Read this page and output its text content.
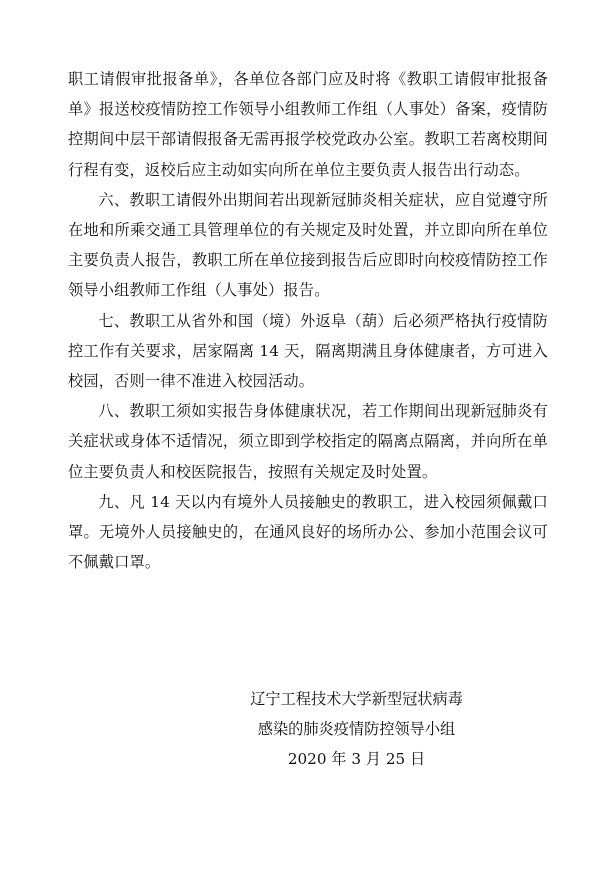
职工请假审批报备单》，各单位各部门应及时将《教职工请假审批报备单》报送校疫情防控工作领导小组教师工作组（人事处）备案，疫情防控期间中层干部请假报备无需再报学校党政办公室。教职工若离校期间行程有变，返校后应主动如实向所在单位主要负责人报告出行动态。

六、教职工请假外出期间若出现新冠肺炎相关症状，应自觉遵守所在地和所乘交通工具管理单位的有关规定及时处置，并立即向所在单位主要负责人报告，教职工所在单位接到报告后应即时向校疫情防控工作领导小组教师工作组（人事处）报告。

七、教职工从省外和国（境）外返阜（葫）后必须严格执行疫情防控工作有关要求，居家隔离 14 天，隔离期满且身体健康者，方可进入校园，否则一律不准进入校园活动。

八、教职工须如实报告身体健康状况，若工作期间出现新冠肺炎有关症状或身体不适情况，须立即到学校指定的隔离点隔离，并向所在单位主要负责人和校医院报告，按照有关规定及时处置。

九、凡 14 天以内有境外人员接触史的教职工，进入校园须佩戴口罩。无境外人员接触史的，在通风良好的场所办公、参加小范围会议可不佩戴口罩。

辽宁工程技术大学新型冠状病毒
感染的肺炎疫情防控领导小组
2020 年 3 月 25 日
